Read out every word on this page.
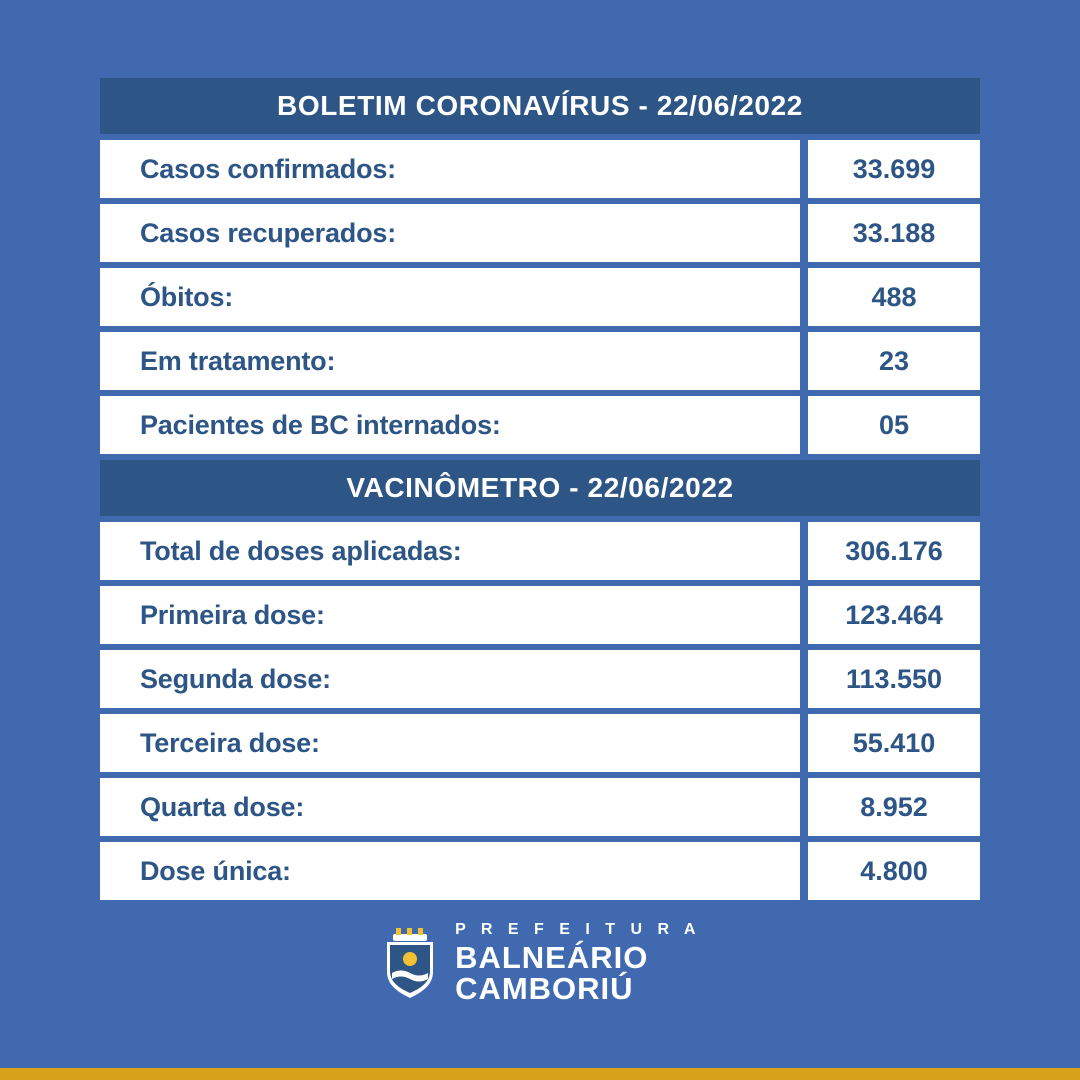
BOLETIM CORONAVÍRUS - 22/06/2022
Casos confirmados:	33.699
Casos recuperados:	33.188
Óbitos:	488
Em tratamento:	23
Pacientes de BC internados:	05
VACINÔMETRO - 22/06/2022
Total de doses aplicadas:	306.176
Primeira dose:	123.464
Segunda dose:	113.550
Terceira dose:	55.410
Quarta dose:	8.952
Dose única:	4.800
P R E F E I T U R A
BALNEÁRIO
CAMBORIÚ
